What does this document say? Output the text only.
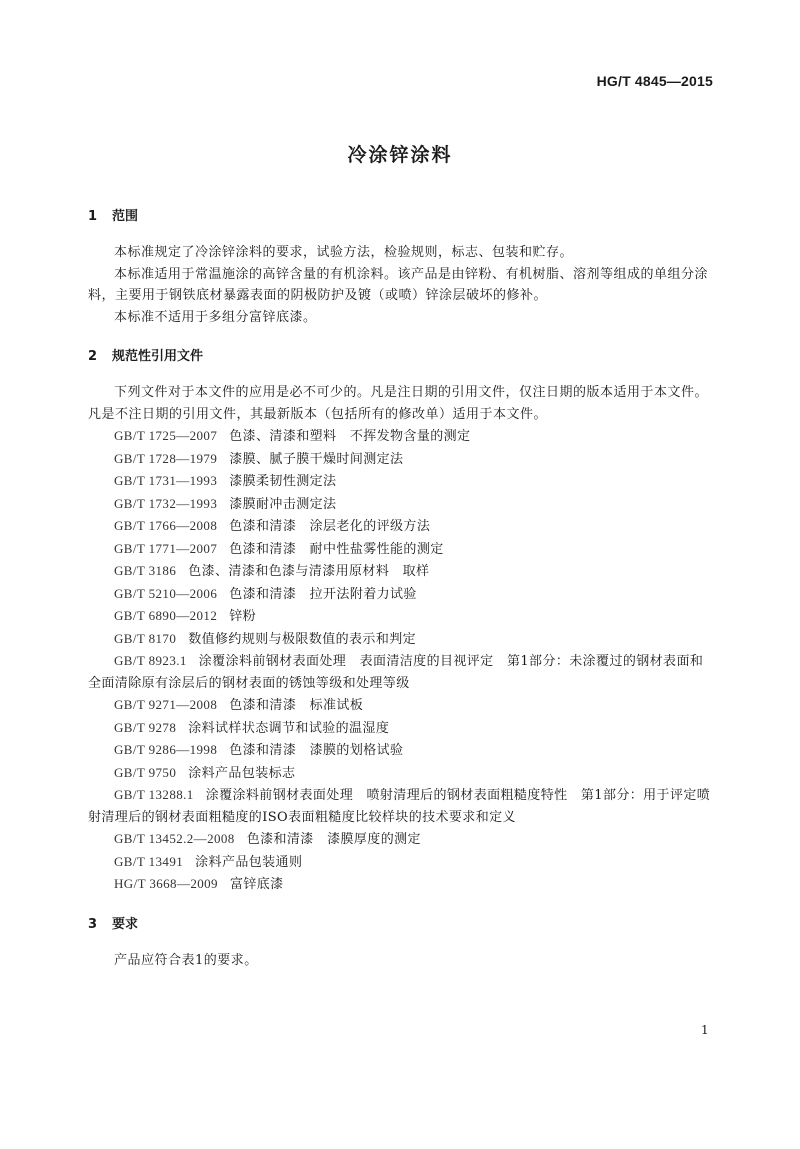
HG/T 4845—2015
冷涂锌涂料
1 范围

本标准规定了冷涂锌涂料的要求，试验方法，检验规则，标志、包装和贮存。

本标准适用于常温施涂的高锌含量的有机涂料。该产品是由锌粉、有机树脂、溶剂等组成的单组分涂料，主要用于钢铁底材暴露表面的阴极防护及镀（或喷）锌涂层破坏的修补。

本标准不适用于多组分富锌底漆。

2 规范性引用文件

下列文件对于本文件的应用是必不可少的。凡是注日期的引用文件，仅注日期的版本适用于本文件。凡是不注日期的引用文件，其最新版本（包括所有的修改单）适用于本文件。

GB/T 1725—2007 色漆、清漆和塑料　不挥发物含量的测定

GB/T 1728—1979 漆膜、腻子膜干燥时间测定法

GB/T 1731—1993 漆膜柔韧性测定法

GB/T 1732—1993 漆膜耐冲击测定法

GB/T 1766—2008 色漆和清漆　涂层老化的评级方法

GB/T 1771—2007 色漆和清漆　耐中性盐雾性能的测定

GB/T 3186 色漆、清漆和色漆与清漆用原材料　取样

GB/T 5210—2006 色漆和清漆　拉开法附着力试验

GB/T 6890—2012 锌粉

GB/T 8170 数值修约规则与极限数值的表示和判定

GB/T 8923.1 涂覆涂料前钢材表面处理　表面清洁度的目视评定　第1部分：未涂覆过的钢材表面和全面清除原有涂层后的钢材表面的锈蚀等级和处理等级

GB/T 9271—2008 色漆和清漆　标准试板

GB/T 9278 涂料试样状态调节和试验的温湿度

GB/T 9286—1998 色漆和清漆　漆膜的划格试验

GB/T 9750 涂料产品包装标志

GB/T 13288.1 涂覆涂料前钢材表面处理　喷射清理后的钢材表面粗糙度特性　第1部分：用于评定喷射清理后的钢材表面粗糙度的ISO表面粗糙度比较样块的技术要求和定义

GB/T 13452.2—2008 色漆和清漆　漆膜厚度的测定

GB/T 13491 涂料产品包装通则

HG/T 3668—2009 富锌底漆

3 要求

产品应符合表1的要求。

1
